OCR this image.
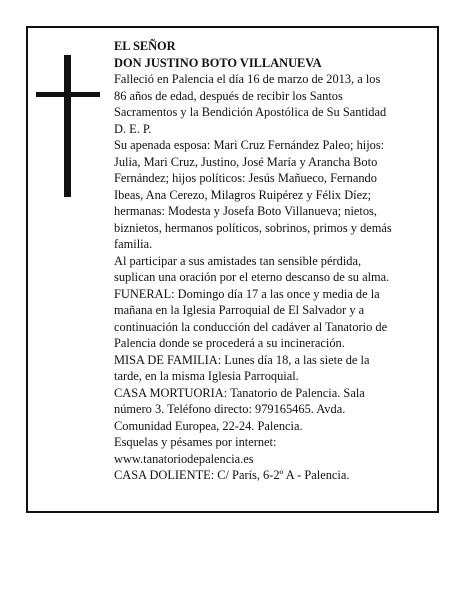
EL SEÑOR
DON JUSTINO BOTO VILLANUEVA
Falleció en Palencia el día 16 de marzo de 2013, a los
86 años de edad, después de recibir los Santos
Sacramentos y la Bendición Apostólica de Su Santidad
D. E. P.
Su apenada esposa: Mari Cruz Fernández Paleo; hijos:
Julia, Mari Cruz, Justino, José María y Arancha Boto
Fernández; hijos políticos: Jesús Mañueco, Fernando
Ibeas, Ana Cerezo, Milagros Ruipérez y Félix Díez;
hermanas: Modesta y Josefa Boto Villanueva; nietos,
biznietos, hermanos políticos, sobrinos, primos y demás
familia.
Al participar a sus amistades tan sensible pérdida,
suplican una oración por el eterno descanso de su alma.
FUNERAL: Domingo día 17 a las once y media de la
mañana en la Iglesia Parroquial de El Salvador y a
continuación la conducción del cadáver al Tanatorio de
Palencia donde se procederá a su incineración.
MISA DE FAMILIA: Lunes día 18, a las siete de la
tarde, en la misma Iglesia Parroquial.
CASA MORTUORIA: Tanatorio de Palencia. Sala
número 3. Teléfono directo: 979165465. Avda.
Comunidad Europea, 22-24. Palencia.
Esquelas y pésames por internet:
www.tanatoriodepalencia.es
CASA DOLIENTE: C/ París, 6-2º A - Palencia.
